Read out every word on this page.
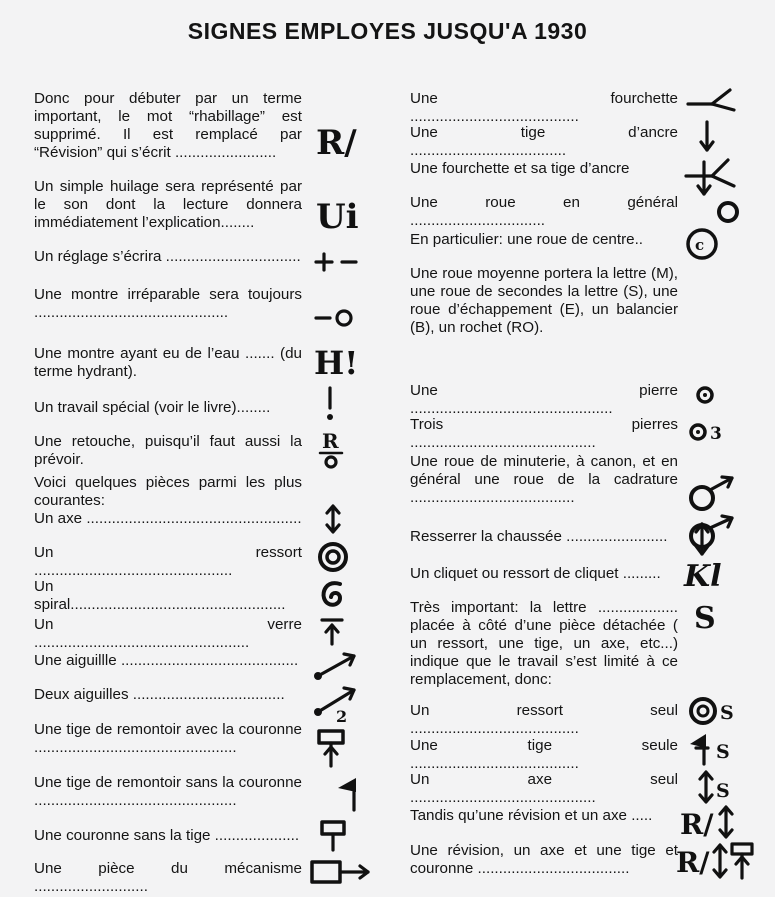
SIGNES EMPLOYES JUSQU'A 1930
Donc pour débuter par un terme important, le mot “rhabillage” est supprimé. Il est remplacé par “Révision” qui s’écrit ........................
Un simple huilage sera représenté par le son dont la lecture donnera immédiatement l’explication........
Un réglage s’écrira ................................
Une montre irréparable sera toujours ..............................................
Une montre ayant eu de l’eau ....... (du terme hydrant).
Un travail spécial (voir le livre)........
Une retouche, puisqu’il faut aussi la prévoir.
Voici quelques pièces parmi les plus courantes:
Un axe ...................................................
Un ressort ...............................................
Un spiral...................................................
Un verre ...................................................
Une aiguillle ..........................................
Deux aiguilles ....................................
Une tige de remontoir avec la couronne ................................................
Une tige de remontoir sans la couronne ................................................
Une couronne sans la tige ....................
Une pièce du mécanisme ...........................
Une fourchette ........................................
Une tige d’ancre .....................................
Une fourchette et sa tige d’ancre
Une roue en général ................................
En particulier: une roue de centre..
Une roue moyenne portera la lettre (M), une roue de secondes la lettre (S), une roue d’échappement (E), un balancier (B), un rochet (RO).
Une pierre ................................................
Trois pierres ............................................
Une roue de minuterie, à canon, et en général une roue de la cadrature .......................................
Resserrer la chaussée ........................
Un cliquet ou ressort de cliquet .........
Très important: la lettre ................... placée à côté d’une pièce détachée ( un ressort, une tige, un axe, etc...) indique que le travail s’est limité à ce remplacement, donc:
Un ressort seul ........................................
Une tige seule ........................................
Un axe seul ............................................
Tandis qu’une révision et un axe .....
Une révision, un axe et une tige et couronne ....................................
R/
Ui
H!
R
2
c
3
Kl
S
S
S
S
R/
R/
